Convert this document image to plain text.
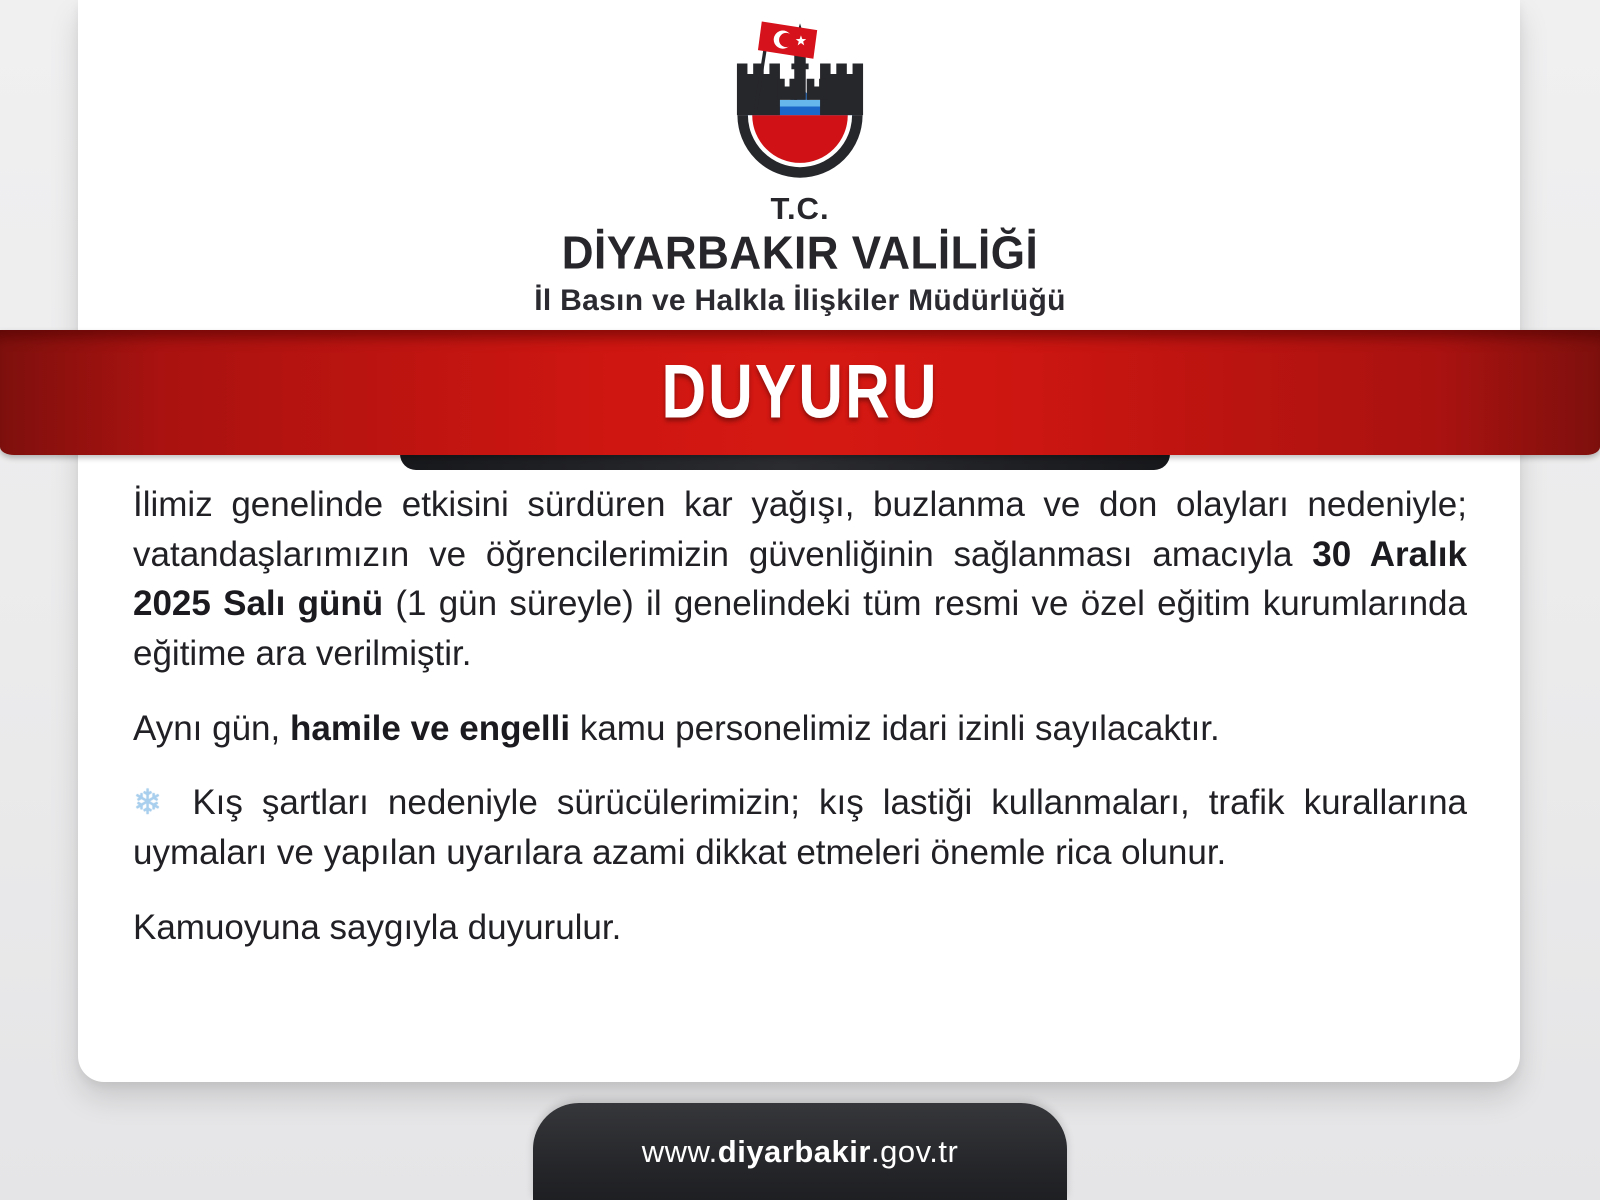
T.C.
DİYARBAKIR VALİLİĞİ
İl Basın ve Halkla İlişkiler Müdürlüğü
DUYURU

İlimiz genelinde etkisini sürdüren kar yağışı, buzlanma ve don olayları nedeniyle; vatandaşlarımızın ve öğrencilerimizin güvenliğinin sağlanması amacıyla 30 Aralık 2025 Salı günü (1 gün süreyle) il genelindeki tüm resmi ve özel eğitim kurumlarında eğitime ara verilmiştir.

Aynı gün, hamile ve engelli kamu personelimiz idari izinli sayılacaktır.

❄ Kış şartları nedeniyle sürücülerimizin; kış lastiği kullanmaları, trafik kurallarına uymaları ve yapılan uyarılara azami dikkat etmeleri önemle rica olunur.

Kamuoyuna saygıyla duyurulur.

www.diyarbakir.gov.tr
